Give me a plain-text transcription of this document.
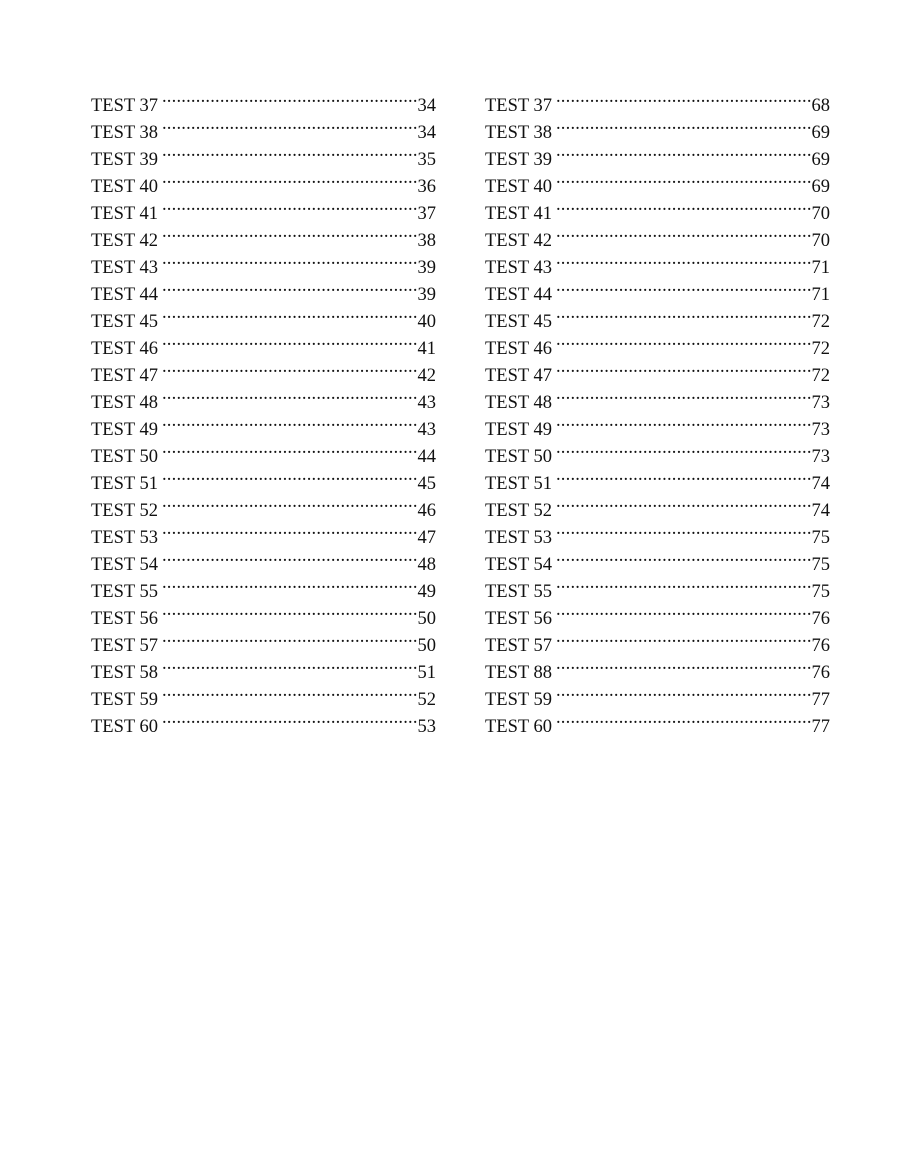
TEST 37 .....	34
TEST 38 .....	34
TEST 39 .....	35
TEST 40 .....	36
TEST 41 .....	37
TEST 42 .....	38
TEST 43 .....	39
TEST 44 .....	39
TEST 45 .....	40
TEST 46 .....	41
TEST 47 .....	42
TEST 48 .....	43
TEST 49 .....	43
TEST 50 .....	44
TEST 51 .....	45
TEST 52 .....	46
TEST 53 .....	47
TEST 54 .....	48
TEST 55 .....	49
TEST 56 .....	50
TEST 57 .....	50
TEST 58 .....	51
TEST 59 .....	52
TEST 60 .....	53
TEST 37 .....	68
TEST 38 .....	69
TEST 39 .....	69
TEST 40 .....	69
TEST 41 .....	70
TEST 42 .....	70
TEST 43 .....	71
TEST 44 .....	71
TEST 45 .....	72
TEST 46 .....	72
TEST 47 .....	72
TEST 48 .....	73
TEST 49 .....	73
TEST 50 .....	73
TEST 51 .....	74
TEST 52 .....	74
TEST 53 .....	75
TEST 54 .....	75
TEST 55 .....	75
TEST 56 .....	76
TEST 57 .....	76
TEST 88 .....	76
TEST 59 .....	77
TEST 60 .....	77
